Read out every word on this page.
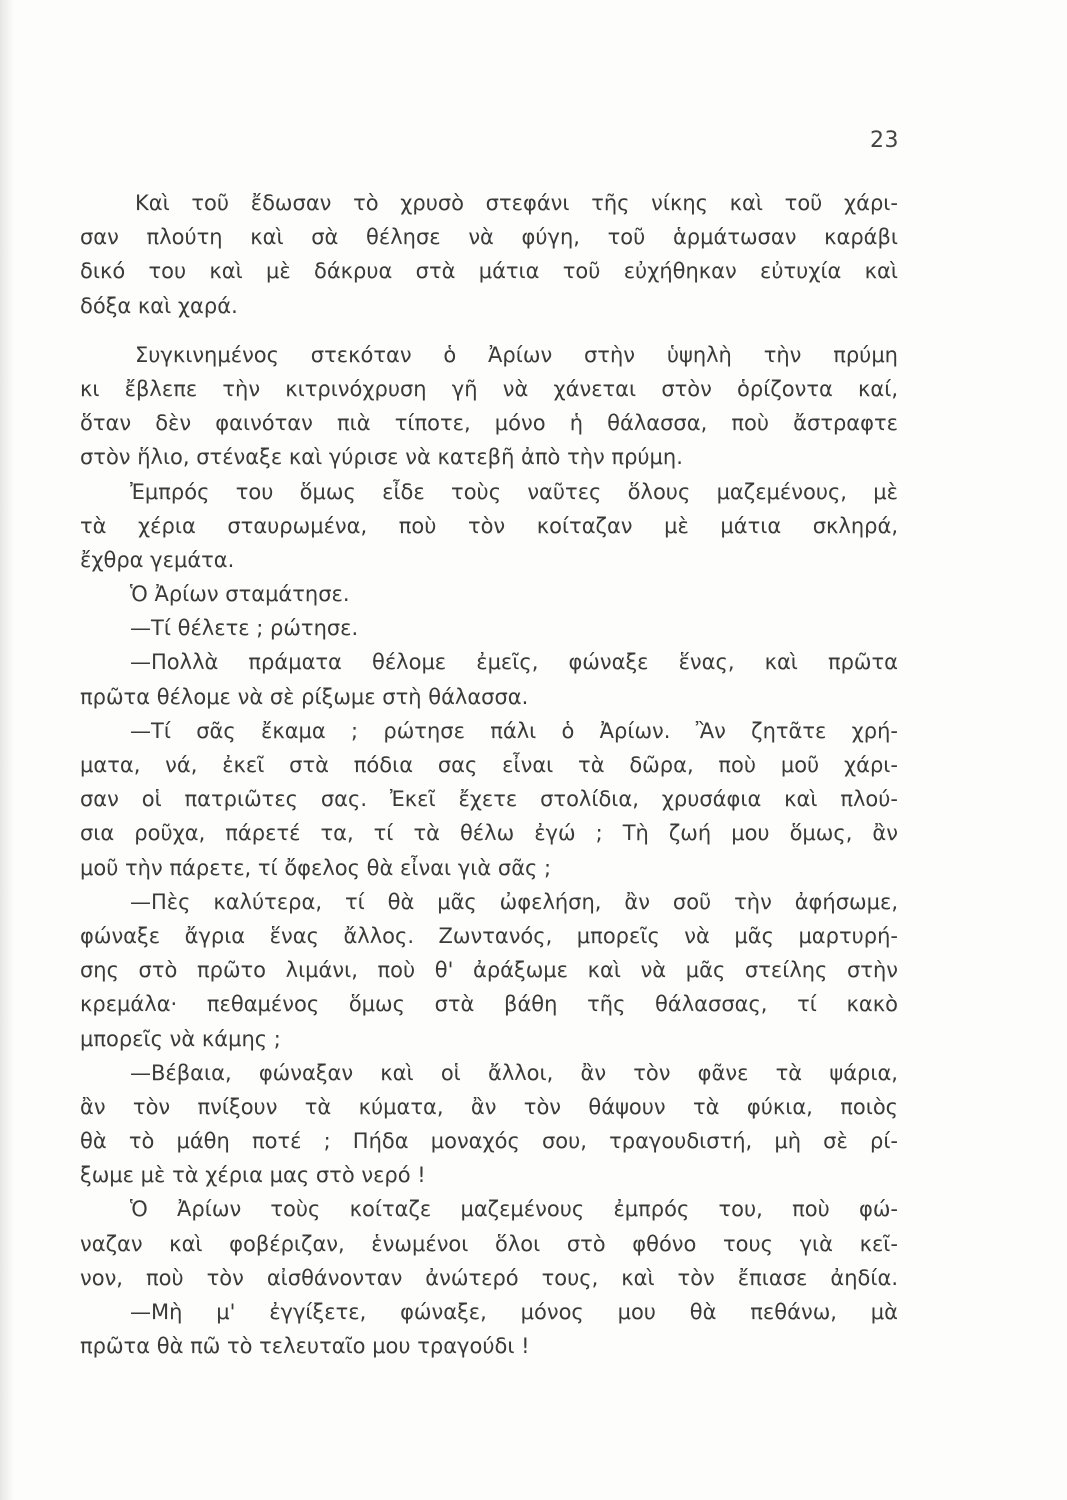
23
Καὶ τοῦ ἔδωσαν τὸ χρυσὸ στεφάνι τῆς νίκης καὶ τοῦ χάρι-
σαν πλούτη καὶ σὰ θέλησε νὰ φύγη, τοῦ ἁρμάτωσαν καράβι
δικό του καὶ μὲ δάκρυα στὰ μάτια τοῦ εὐχήθηκαν εὐτυχία καὶ
δόξα καὶ χαρά.
Συγκινημένος στεκόταν ὁ Ἀρίων στὴν ὑψηλὴ τὴν πρύμη
κι ἔβλεπε τὴν κιτρινόχρυση γῆ νὰ χάνεται στὸν ὁρίζοντα καί,
ὅταν δὲν φαινόταν πιὰ τίποτε, μόνο ἡ θάλασσα, ποὺ ἄστραφτε
στὸν ἥλιο, στέναξε καὶ γύρισε νὰ κατεβῆ ἀπὸ τὴν πρύμη.
Ἐμπρός του ὅμως εἶδε τοὺς ναῦτες ὅλους μαζεμένους, μὲ
τὰ χέρια σταυρωμένα, ποὺ τὸν κοίταζαν μὲ μάτια σκληρά,
ἔχθρα γεμάτα.
Ὁ Ἀρίων σταμάτησε.
—Τί θέλετε ; ρώτησε.
—Πολλὰ πράματα θέλομε ἐμεῖς, φώναξε ἕνας, καὶ πρῶτα
πρῶτα θέλομε νὰ σὲ ρίξωμε στὴ θάλασσα.
—Τί σᾶς ἔκαμα ; ρώτησε πάλι ὁ Ἀρίων. Ἂν ζητᾶτε χρή-
ματα, νά, ἐκεῖ στὰ πόδια σας εἶναι τὰ δῶρα, ποὺ μοῦ χάρι-
σαν οἱ πατριῶτες σας. Ἐκεῖ ἔχετε στολίδια, χρυσάφια καὶ πλού-
σια ροῦχα, πάρετέ τα, τί τὰ θέλω ἐγώ ; Τὴ ζωή μου ὅμως, ἂν
μοῦ τὴν πάρετε, τί ὄφελος θὰ εἶναι γιὰ σᾶς ;
—Πὲς καλύτερα, τί θὰ μᾶς ὠφελήση, ἂν σοῦ τὴν ἀφήσωμε,
φώναξε ἄγρια ἕνας ἄλλος. Ζωντανός, μπορεῖς νὰ μᾶς μαρτυρή-
σης στὸ πρῶτο λιμάνι, ποὺ θ' ἀράξωμε καὶ νὰ μᾶς στείλης στὴν
κρεμάλα· πεθαμένος ὅμως στὰ βάθη τῆς θάλασσας, τί κακὸ
μπορεῖς νὰ κάμης ;
—Βέβαια, φώναξαν καὶ οἱ ἄλλοι, ἂν τὸν φᾶνε τὰ ψάρια,
ἂν τὸν πνίξουν τὰ κύματα, ἂν τὸν θάψουν τὰ φύκια, ποιὸς
θὰ τὸ μάθη ποτέ ; Πήδα μοναχός σου, τραγουδιστή, μὴ σὲ ρί-
ξωμε μὲ τὰ χέρια μας στὸ νερό !
Ὁ Ἀρίων τοὺς κοίταζε μαζεμένους ἐμπρός του, ποὺ φώ-
ναζαν καὶ φοβέριζαν, ἑνωμένοι ὅλοι στὸ φθόνο τους γιὰ κεῖ-
νον, ποὺ τὸν αἰσθάνονταν ἀνώτερό τους, καὶ τὸν ἔπιασε ἀηδία.
—Μὴ μ' ἐγγίξετε, φώναξε, μόνος μου θὰ πεθάνω, μὰ
πρῶτα θὰ πῶ τὸ τελευταῖο μου τραγούδι !
